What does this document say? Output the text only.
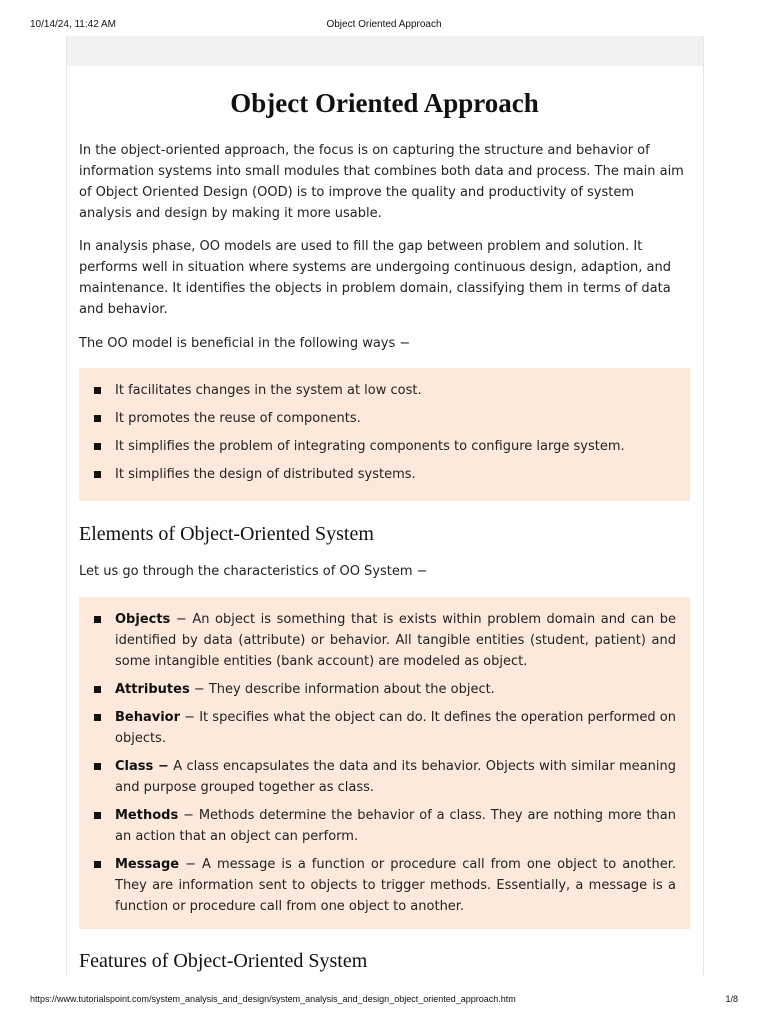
10/14/24, 11:42 AM	Object Oriented Approach
Object Oriented Approach

In the object-oriented approach, the focus is on capturing the structure and behavior of information systems into small modules that combines both data and process. The main aim of Object Oriented Design (OOD) is to improve the quality and productivity of system analysis and design by making it more usable.

In analysis phase, OO models are used to fill the gap between problem and solution. It performs well in situation where systems are undergoing continuous design, adaption, and maintenance. It identifies the objects in problem domain, classifying them in terms of data and behavior.

The OO model is beneficial in the following ways −

It facilitates changes in the system at low cost.
It promotes the reuse of components.
It simplifies the problem of integrating components to configure large system.
It simplifies the design of distributed systems.
Elements of Object-Oriented System

Let us go through the characteristics of OO System −

Objects − An object is something that is exists within problem domain and can be identified by data (attribute) or behavior. All tangible entities (student, patient) and some intangible entities (bank account) are modeled as object.
Attributes − They describe information about the object.
Behavior − It specifies what the object can do. It defines the operation performed on objects.
Class − A class encapsulates the data and its behavior. Objects with similar meaning and purpose grouped together as class.
Methods − Methods determine the behavior of a class. They are nothing more than an action that an object can perform.
Message − A message is a function or procedure call from one object to another. They are information sent to objects to trigger methods. Essentially, a message is a function or procedure call from one object to another.
Features of Object-Oriented System
https://www.tutorialspoint.com/system_analysis_and_design/system_analysis_and_design_object_oriented_approach.htm	1/8
